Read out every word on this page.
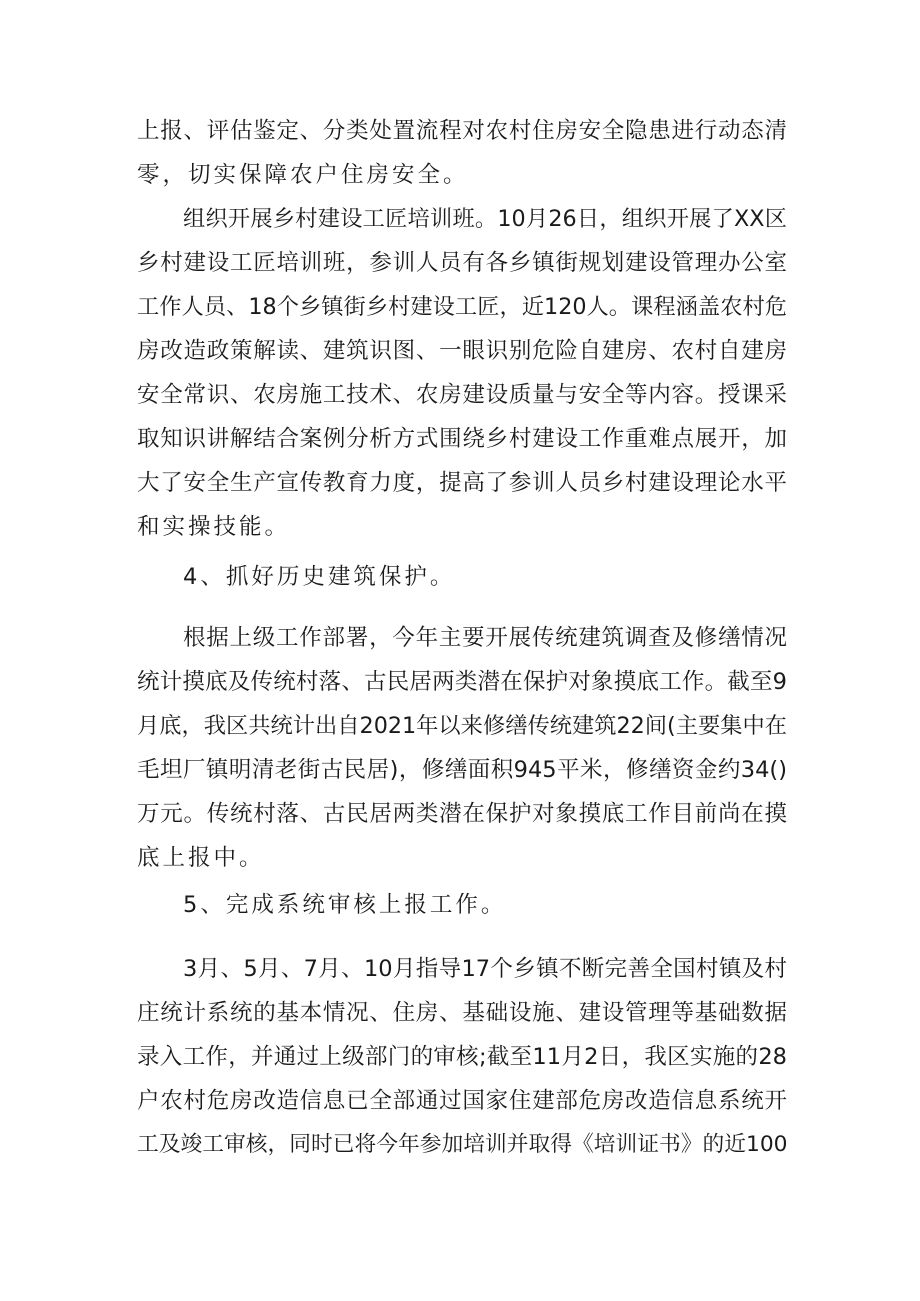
上报、评估鉴定、分类处置流程对农村住房安全隐患进行动态清
零，切实保障农户住房安全。
组织开展乡村建设工匠培训班。10月26日，组织开展了XX区
乡村建设工匠培训班，参训人员有各乡镇街规划建设管理办公室
工作人员、18个乡镇街乡村建设工匠，近120人。课程涵盖农村危
房改造政策解读、建筑识图、一眼识别危险自建房、农村自建房
安全常识、农房施工技术、农房建设质量与安全等内容。授课采
取知识讲解结合案例分析方式围绕乡村建设工作重难点展开，加
大了安全生产宣传教育力度，提高了参训人员乡村建设理论水平
和实操技能。
4、抓好历史建筑保护。
根据上级工作部署，今年主要开展传统建筑调查及修缮情况
统计摸底及传统村落、古民居两类潜在保护对象摸底工作。截至9
月底，我区共统计出自2021年以来修缮传统建筑22间(主要集中在
毛坦厂镇明清老街古民居)，修缮面积945平米，修缮资金约34()
万元。传统村落、古民居两类潜在保护对象摸底工作目前尚在摸
底上报中。
5、完成系统审核上报工作。
3月、5月、7月、10月指导17个乡镇不断完善全国村镇及村
庄统计系统的基本情况、住房、基础设施、建设管理等基础数据
录入工作，并通过上级部门的审核;截至11月2日，我区实施的28
户农村危房改造信息已全部通过国家住建部危房改造信息系统开
工及竣工审核，同时已将今年参加培训并取得《培训证书》的近100
